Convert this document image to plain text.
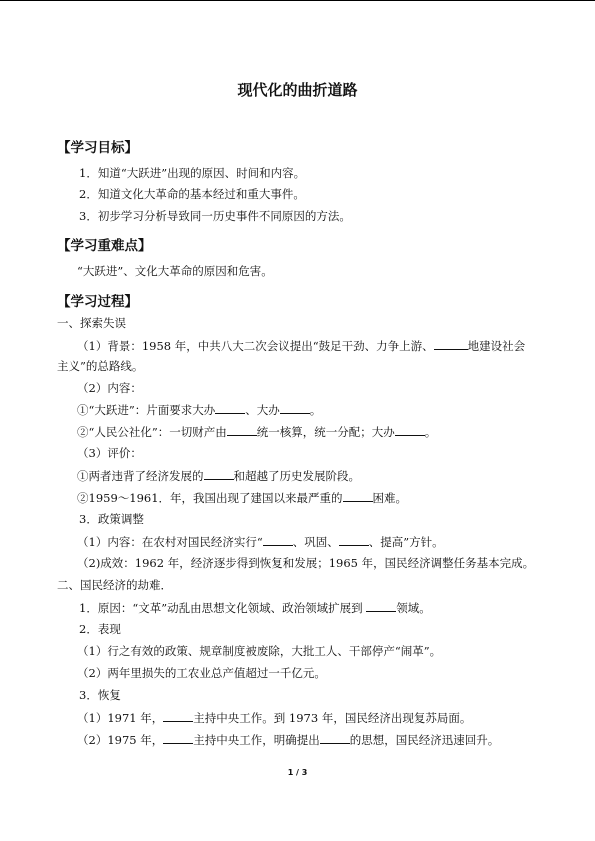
现代化的曲折道路
【学习目标】
1．知道“大跃进”出现的原因、时间和内容。
2．知道文化大革命的基本经过和重大事件。
3．初步学习分析导致同一历史事件不同原因的方法。
【学习重难点】
“大跃进”、文化大革命的原因和危害。
【学习过程】
一、探索失误
（1）背景：1958 年，中共八大二次会议提出“鼓足干劲、力争上游、	地建设社会
主义”的总路线。
（2）内容：
①“大跃进”：片面要求大办	、大办	。
②“人民公社化”：一切财产由	统一核算，统一分配；大办	。
（3）评价：
①两者违背了经济发展的	和超越了历史发展阶段。
②1959～1961．年，我国出现了建国以来最严重的	困难。
3．政策调整
（1）内容：在农村对国民经济实行“	、巩固、	、提高”方针。
（2)成效：1962 年，经济逐步得到恢复和发展；1965 年，国民经济调整任务基本完成。
二、国民经济的劫难．
1．原因：“文革”动乱由思想文化领域、政治领域扩展到	领域。
2．表现
（1）行之有效的政策、规章制度被废除，大批工人、干部停产“闹革”。
（2）两年里损失的工农业总产值超过一千亿元。
3．恢复
（1）1971 年，	主持中央工作。到 1973 年，国民经济出现复苏局面。
（2）1975 年，	主持中央工作，明确提出	的思想，国民经济迅速回升。
1 / 3
